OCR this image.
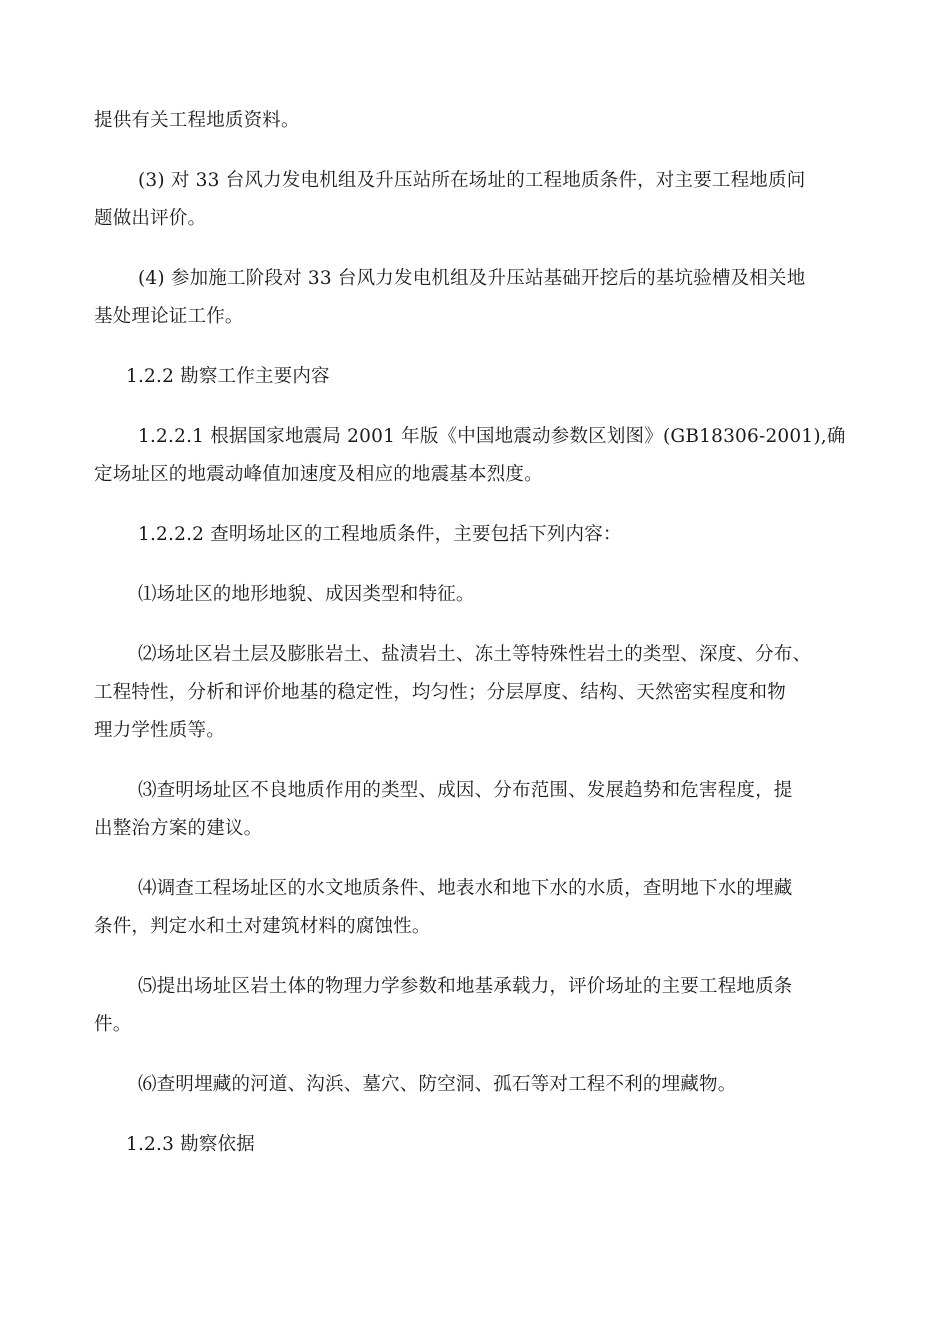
提供有关工程地质资料。
(3) 对 33 台风力发电机组及升压站所在场址的工程地质条件，对主要工程地质问
题做出评价。
(4) 参加施工阶段对 33 台风力发电机组及升压站基础开挖后的基坑验槽及相关地
基处理论证工作。
1.2.2 勘察工作主要内容
1.2.2.1 根据国家地震局 2001 年版《中国地震动参数区划图》(GB18306-2001),确
定场址区的地震动峰值加速度及相应的地震基本烈度。
1.2.2.2 查明场址区的工程地质条件，主要包括下列内容：
⑴场址区的地形地貌、成因类型和特征。
⑵场址区岩土层及膨胀岩土、盐渍岩土、冻土等特殊性岩土的类型、深度、分布、
工程特性，分析和评价地基的稳定性，均匀性；分层厚度、结构、天然密实程度和物
理力学性质等。
⑶查明场址区不良地质作用的类型、成因、分布范围、发展趋势和危害程度，提
出整治方案的建议。
⑷调查工程场址区的水文地质条件、地表水和地下水的水质，查明地下水的埋藏
条件，判定水和土对建筑材料的腐蚀性。
⑸提出场址区岩土体的物理力学参数和地基承载力，评价场址的主要工程地质条
件。
⑹查明埋藏的河道、沟浜、墓穴、防空洞、孤石等对工程不利的埋藏物。
1.2.3 勘察依据
